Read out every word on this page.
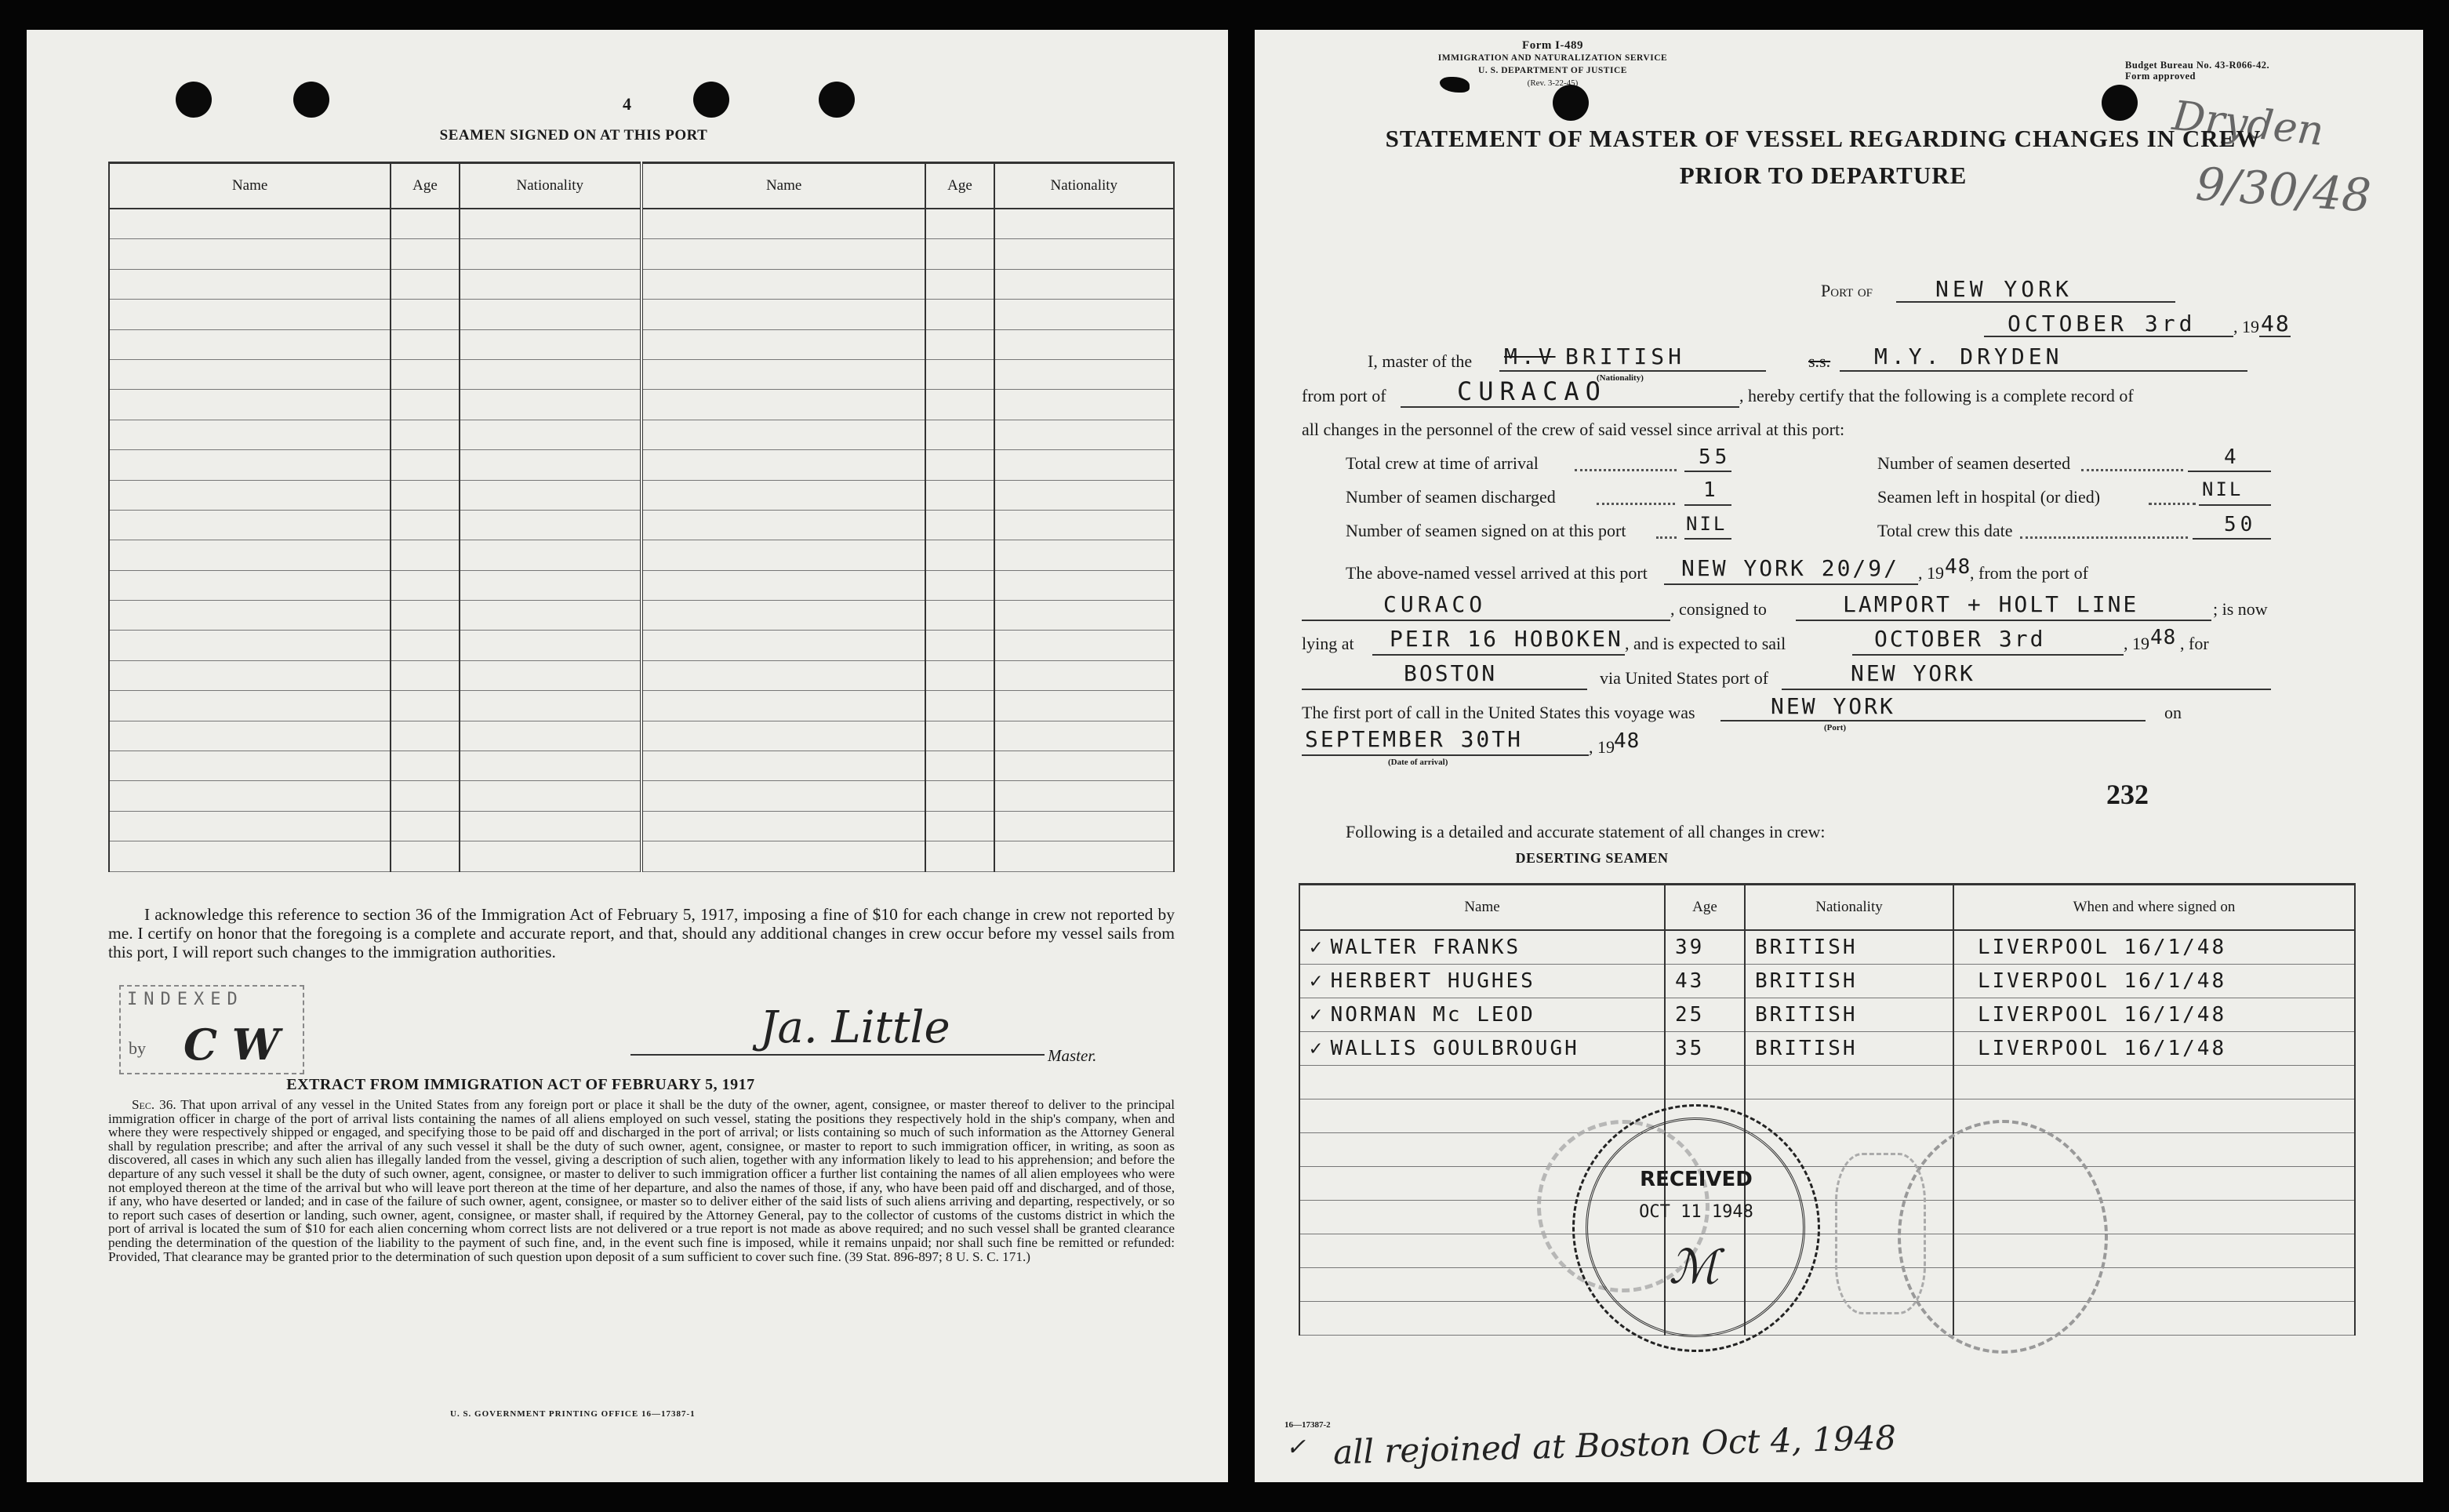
4
SEAMEN SIGNED ON AT THIS PORT
Name	Age	Nationality	Name	Age	Nationality

I acknowledge this reference to section 36 of the Immigration Act of February 5, 1917, imposing a fine of $10 for each change in crew not reported by me. I certify on honor that the foregoing is a complete and accurate report, and that, should any additional changes in crew occur before my vessel sails from this port, I will report such changes to the immigration authorities.
INDEXED
by C W	Ja. Little
Master.
EXTRACT FROM IMMIGRATION ACT OF FEBRUARY 5, 1917
Sec. 36. That upon arrival of any vessel in the United States from any foreign port or place it shall be the duty of the owner, agent, consignee, or master thereof to deliver to the principal immigration officer in charge of the port of arrival lists containing the names of all aliens employed on such vessel, stating the positions they respectively hold in the ship's company, when and where they were respectively shipped or engaged, and specifying those to be paid off and discharged in the port of arrival; or lists containing so much of such information as the Attorney General shall by regulation prescribe; and after the arrival of any such vessel it shall be the duty of such owner, agent, consignee, or master to report to such immigration officer, in writing, as soon as discovered, all cases in which any such alien has illegally landed from the vessel, giving a description of such alien, together with any information likely to lead to his apprehension; and before the departure of any such vessel it shall be the duty of such owner, agent, consignee, or master to deliver to such immigration officer a further list containing the names of all alien employees who were not employed thereon at the time of the arrival but who will leave port thereon at the time of her departure, and also the names of those, if any, who have been paid off and discharged, and of those, if any, who have deserted or landed; and in case of the failure of such owner, agent, consignee, or master so to deliver either of the said lists of such aliens arriving and departing, respectively, or so to report such cases of desertion or landing, such owner, agent, consignee, or master shall, if required by the Attorney General, pay to the collector of customs of the customs district in which the port of arrival is located the sum of $10 for each alien concerning whom correct lists are not delivered or a true report is not made as above required; and no such vessel shall be granted clearance pending the determination of the question of the liability to the payment of such fine, and, in the event such fine is imposed, while it remains unpaid; nor shall such fine be remitted or refunded: Provided, That clearance may be granted prior to the determination of such question upon deposit of a sum sufficient to cover such fine. (39 Stat. 896-897; 8 U. S. C. 171.)
U. S. GOVERNMENT PRINTING OFFICE 16—17387-1
Form I-489
IMMIGRATION AND NATURALIZATION SERVICE
U. S. DEPARTMENT OF JUSTICE
(Rev. 3-22-45)
Budget Bureau No. 43-R066-42.
Form approved
Dryden
9/30/48
STATEMENT OF MASTER OF VESSEL REGARDING CHANGES IN CREW
PRIOR TO DEPARTURE
Port of	NEW YORK
OCTOBER 3rd , 19 48
I, master of the M.V BRITISH
(Nationality)
s.s. M.Y. DRYDEN
from port of	CURACAO	, hereby certify that the following is a complete record of
all changes in the personnel of the crew of said vessel since arrival at this port:
Total crew at time of arrival	55	Number of seamen deserted	4
Number of seamen discharged	1	Seamen left in hospital (or died)	NIL
Number of seamen signed on at this port	NIL	Total crew this date	50
The above-named vessel arrived at this port NEW YORK 20/9/ , 19 48
, from the port of
CURACO	, consigned to	LAMPORT + HOLT LINE	; is now
lying at PEIR 16 HOBOKEN , and is expected to sail	OCTOBER 3rd	, 19 48 , for
BOSTON	via United States port of	NEW YORK
The first port of call in the United States this voyage was	NEW YORK
(Port)
on
SEPTEMBER 30TH	, 19 48
(Date of arrival)
232
Following is a detailed and accurate statement of all changes in crew:
DESERTING SEAMEN
Name	Age	Nationality	When and where signed on
✓ WALTER FRANKS	39	BRITISH	LIVERPOOL 16/1/48
✓ HERBERT HUGHES	43	BRITISH	LIVERPOOL 16/1/48
✓ NORMAN Mc LEOD	25	BRITISH	LIVERPOOL 16/1/48
✓ WALLIS GOULBROUGH	35	BRITISH	LIVERPOOL 16/1/48

RECEIVED
OCT 11 1948
ℳ
16—17387-2
✓ all rejoined at Boston Oct 4, 1948
